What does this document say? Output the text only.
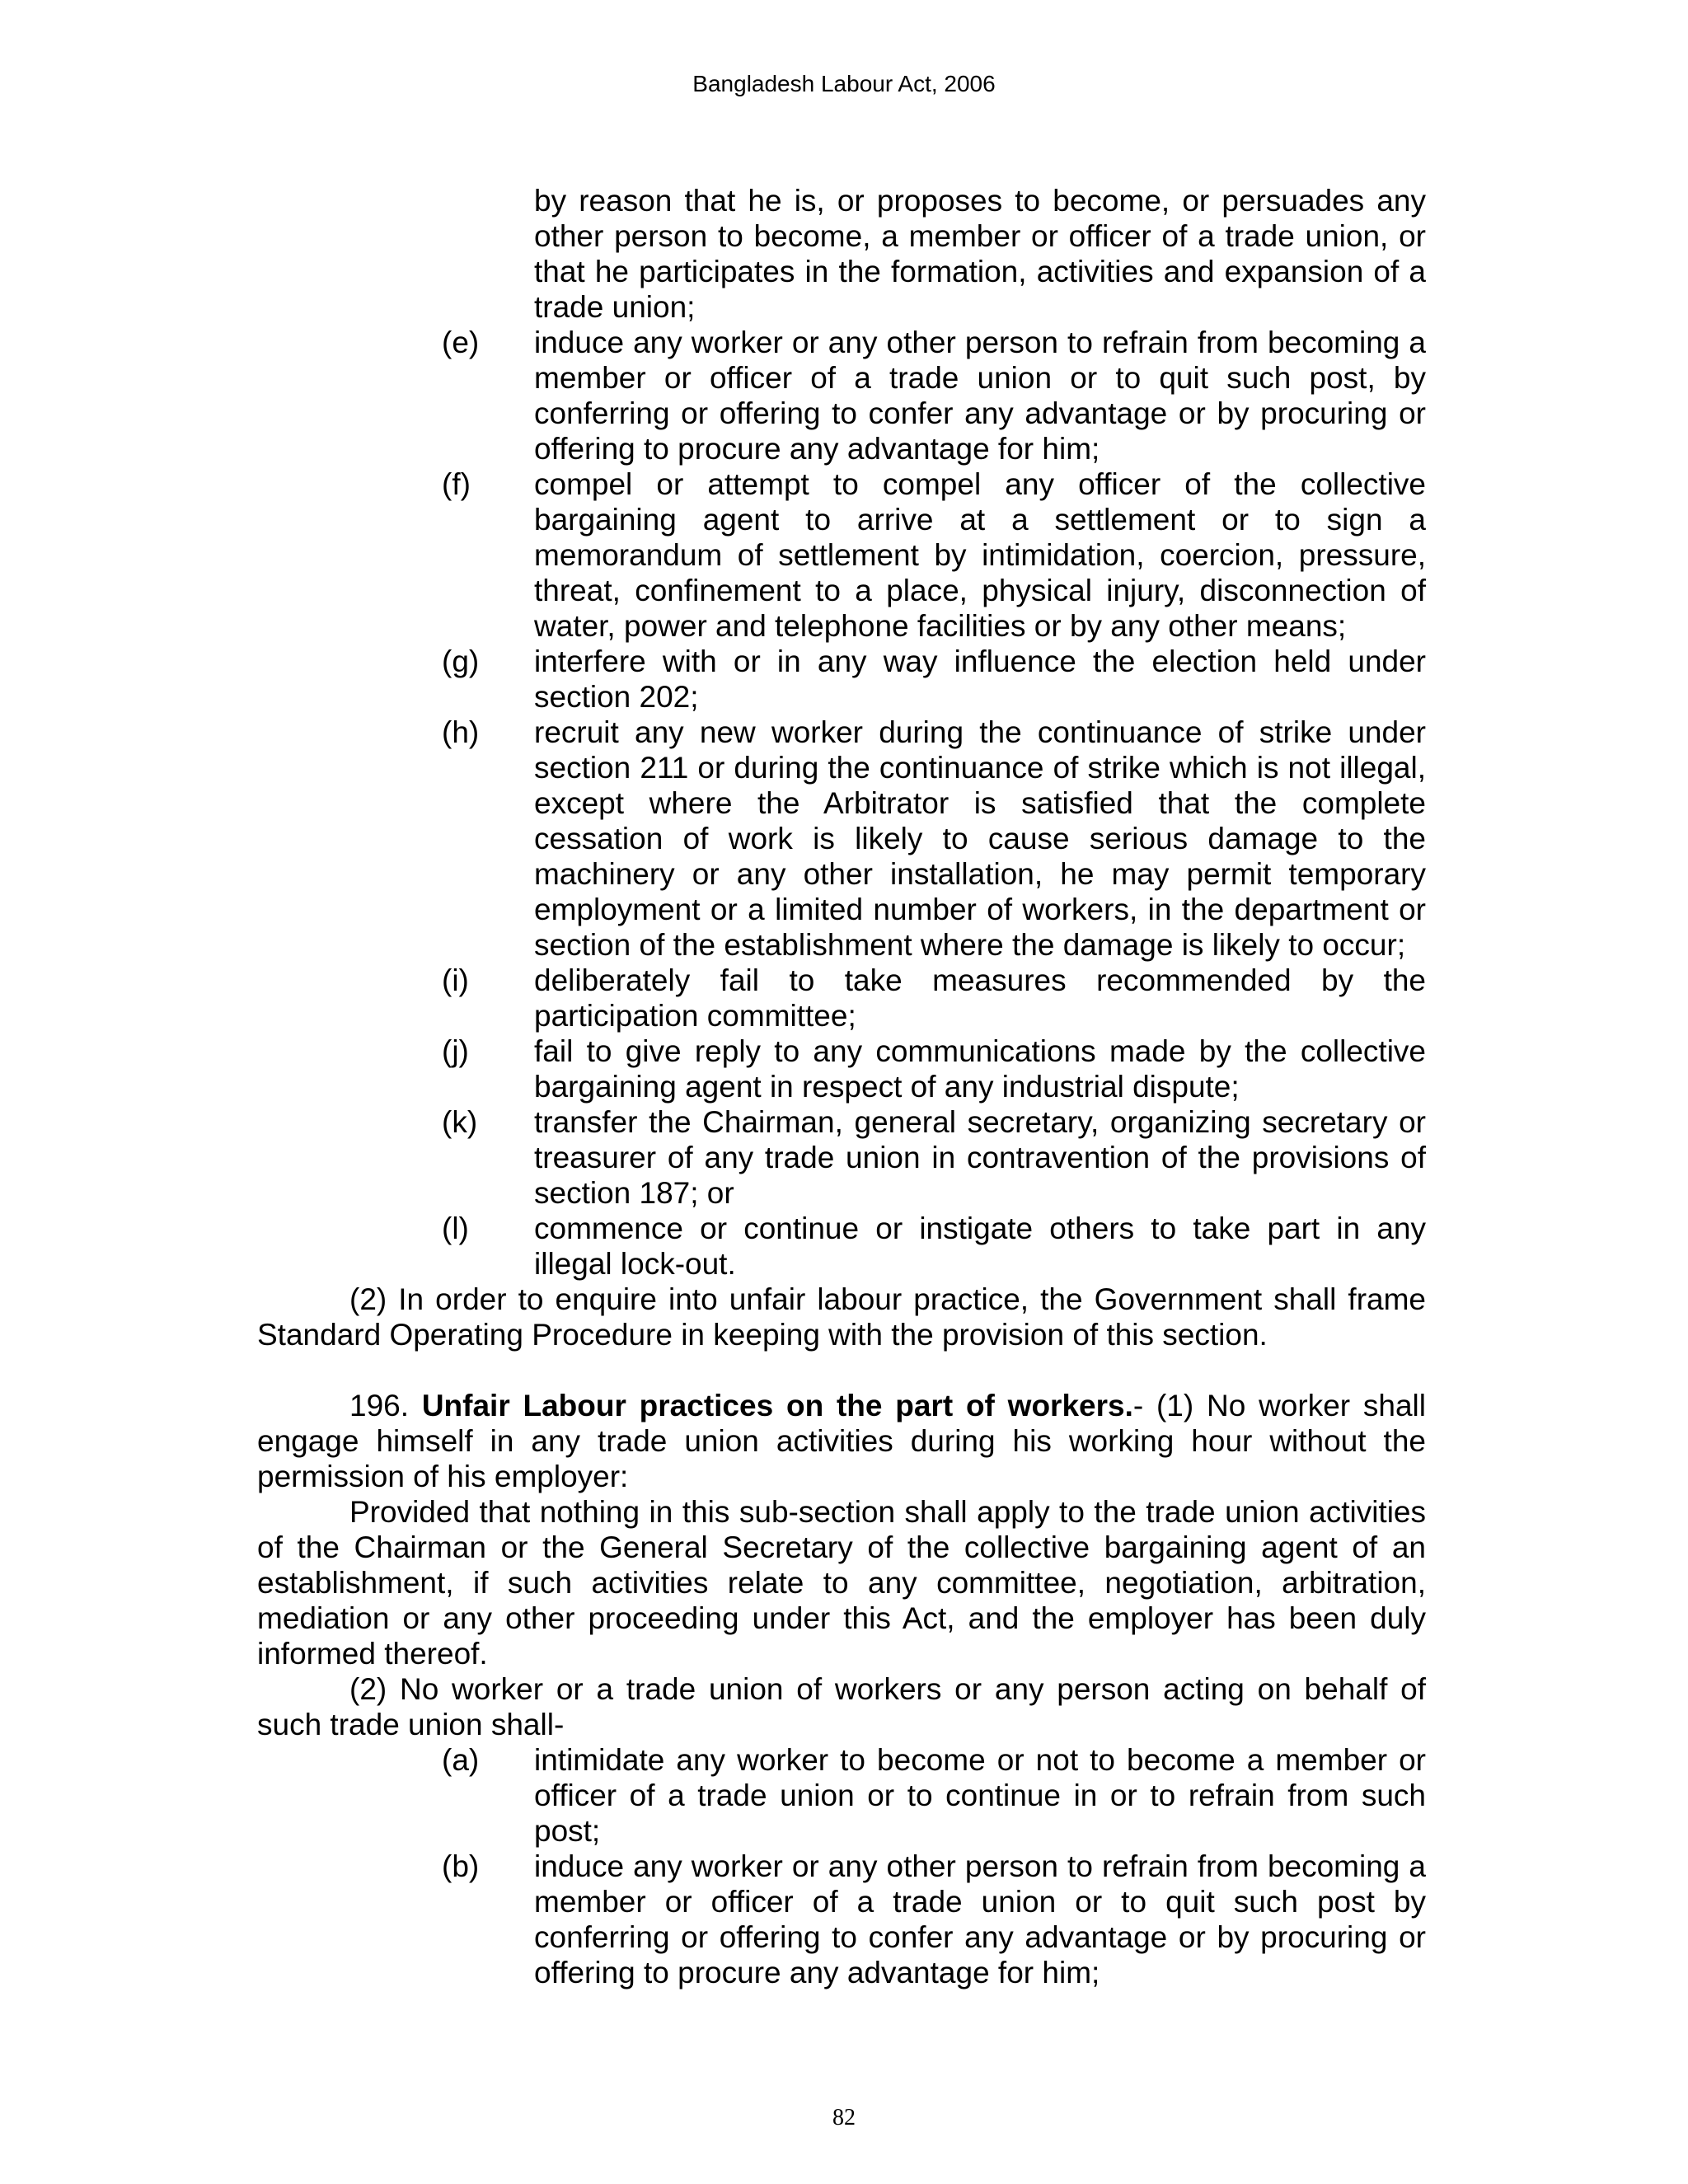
Bangladesh Labour Act, 2006
by reason that he is, or proposes to become, or persuades any other person to become, a member or officer of a trade union, or that he participates in the formation, activities and expansion of a trade union;
(e) induce any worker or any other person to refrain from becoming a member or officer of a trade union or to quit such post, by conferring or offering to confer any advantage or by procuring or offering to procure any advantage for him;
(f) compel or attempt to compel any officer of the collective bargaining agent to arrive at a settlement or to sign a memorandum of settlement by intimidation, coercion, pressure, threat, confinement to a place, physical injury, disconnection of water, power and telephone facilities or by any other means;
(g) interfere with or in any way influence the election held under section 202;
(h) recruit any new worker during the continuance of strike under section 211 or during the continuance of strike which is not illegal, except where the Arbitrator is satisfied that the complete cessation of work is likely to cause serious damage to the machinery or any other installation, he may permit temporary employment or a limited number of workers, in the department or section of the establishment where the damage is likely to occur;
(i) deliberately fail to take measures recommended by the participation committee;
(j) fail to give reply to any communications made by the collective bargaining agent in respect of any industrial dispute;
(k) transfer the Chairman, general secretary, organizing secretary or treasurer of any trade union in contravention of the provisions of section 187; or
(l) commence or continue or instigate others to take part in any illegal lock-out.
(2) In order to enquire into unfair labour practice, the Government shall frame Standard Operating Procedure in keeping with the provision of this section.
196. Unfair Labour practices on the part of workers.- (1) No worker shall engage himself in any trade union activities during his working hour without the permission of his employer:
Provided that nothing in this sub-section shall apply to the trade union activities of the Chairman or the General Secretary of the collective bargaining agent of an establishment, if such activities relate to any committee, negotiation, arbitration, mediation or any other proceeding under this Act, and the employer has been duly informed thereof.
(2) No worker or a trade union of workers or any person acting on behalf of such trade union shall-
(a) intimidate any worker to become or not to become a member or officer of a trade union or to continue in or to refrain from such post;
(b) induce any worker or any other person to refrain from becoming a member or officer of a trade union or to quit such post by conferring or offering to confer any advantage or by procuring or offering to procure any advantage for him;
82
